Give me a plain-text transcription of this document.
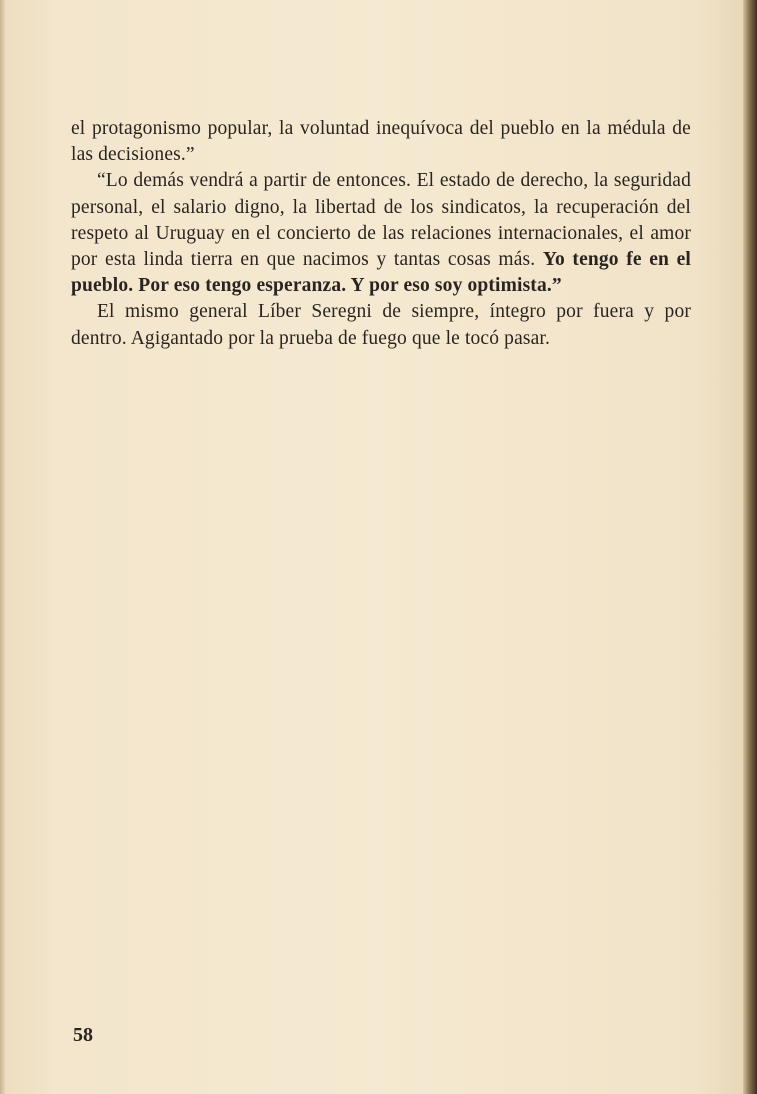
el protagonismo popular, la voluntad inequívoca del pueblo en la médula de las decisiones.”

“Lo demás vendrá a partir de entonces. El estado de derecho, la seguridad personal, el salario digno, la libertad de los sindicatos, la recuperación del respeto al Uruguay en el concierto de las relaciones internacionales, el amor por esta linda tierra en que nacimos y tantas cosas más. Yo tengo fe en el pueblo. Por eso tengo esperanza. Y por eso soy optimista.”

El mismo general Líber Seregni de siempre, íntegro por fuera y por dentro. Agigantado por la prueba de fuego que le tocó pasar.

58
